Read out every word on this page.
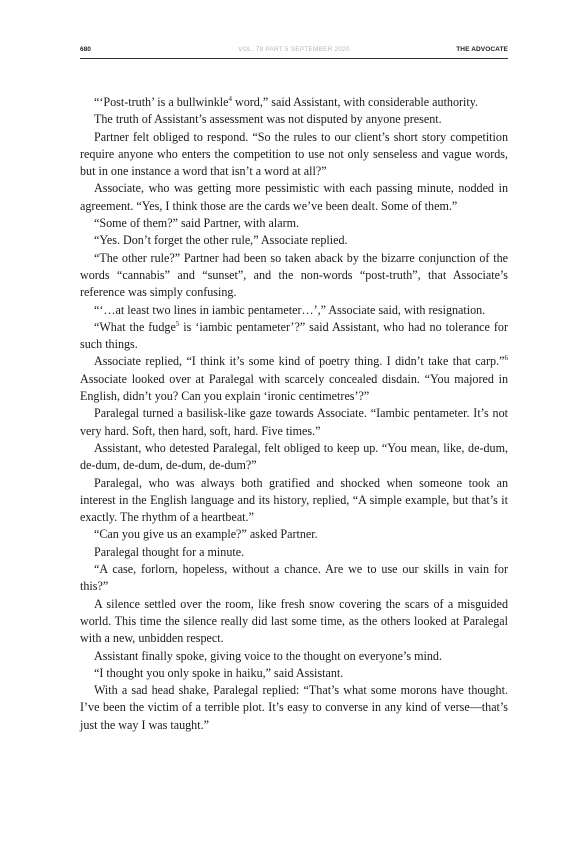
680	VOL. 78 PART 5 SEPTEMBER 2020	THE ADVOCATE

“‘Post-truth’ is a bullwinkle$^4$ word,” said Assistant, with considerable authority.

The truth of Assistant’s assessment was not disputed by anyone present.

Partner felt obliged to respond. “So the rules to our client’s short story competition require anyone who enters the competition to use not only senseless and vague words, but in one instance a word that isn’t a word at all?”

Associate, who was getting more pessimistic with each passing minute, nodded in agreement. “Yes, I think those are the cards we’ve been dealt. Some of them.”

“Some of them?” said Partner, with alarm.

“Yes. Don’t forget the other rule,” Associate replied.

“The other rule?” Partner had been so taken aback by the bizarre conjunction of the words “cannabis” and “sunset”, and the non-words “post-truth”, that Associate’s reference was simply confusing.

“‘…at least two lines in iambic pentameter…’,” Associate said, with resignation.

“What the fudge$^5$ is ‘iambic pentameter’?” said Assistant, who had no tolerance for such things.

Associate replied, “I think it’s some kind of poetry thing. I didn’t take that carp.”$^6$ Associate looked over at Paralegal with scarcely concealed disdain. “You majored in English, didn’t you? Can you explain ‘ironic centimetres’?”

Paralegal turned a basilisk-like gaze towards Associate. “Iambic pentameter. It’s not very hard. Soft, then hard, soft, hard. Five times.”

Assistant, who detested Paralegal, felt obliged to keep up. “You mean, like, de-dum, de-dum, de-dum, de-dum, de-dum?”

Paralegal, who was always both gratified and shocked when someone took an interest in the English language and its history, replied, “A simple example, but that’s it exactly. The rhythm of a heartbeat.”

“Can you give us an example?” asked Partner.

Paralegal thought for a minute.

“A case, forlorn, hopeless, without a chance. Are we to use our skills in vain for this?”

A silence settled over the room, like fresh snow covering the scars of a misguided world. This time the silence really did last some time, as the others looked at Paralegal with a new, unbidden respect.

Assistant finally spoke, giving voice to the thought on everyone’s mind.

“I thought you only spoke in haiku,” said Assistant.

With a sad head shake, Paralegal replied: “That’s what some morons have thought. I’ve been the victim of a terrible plot. It’s easy to converse in any kind of verse—that’s just the way I was taught.”
